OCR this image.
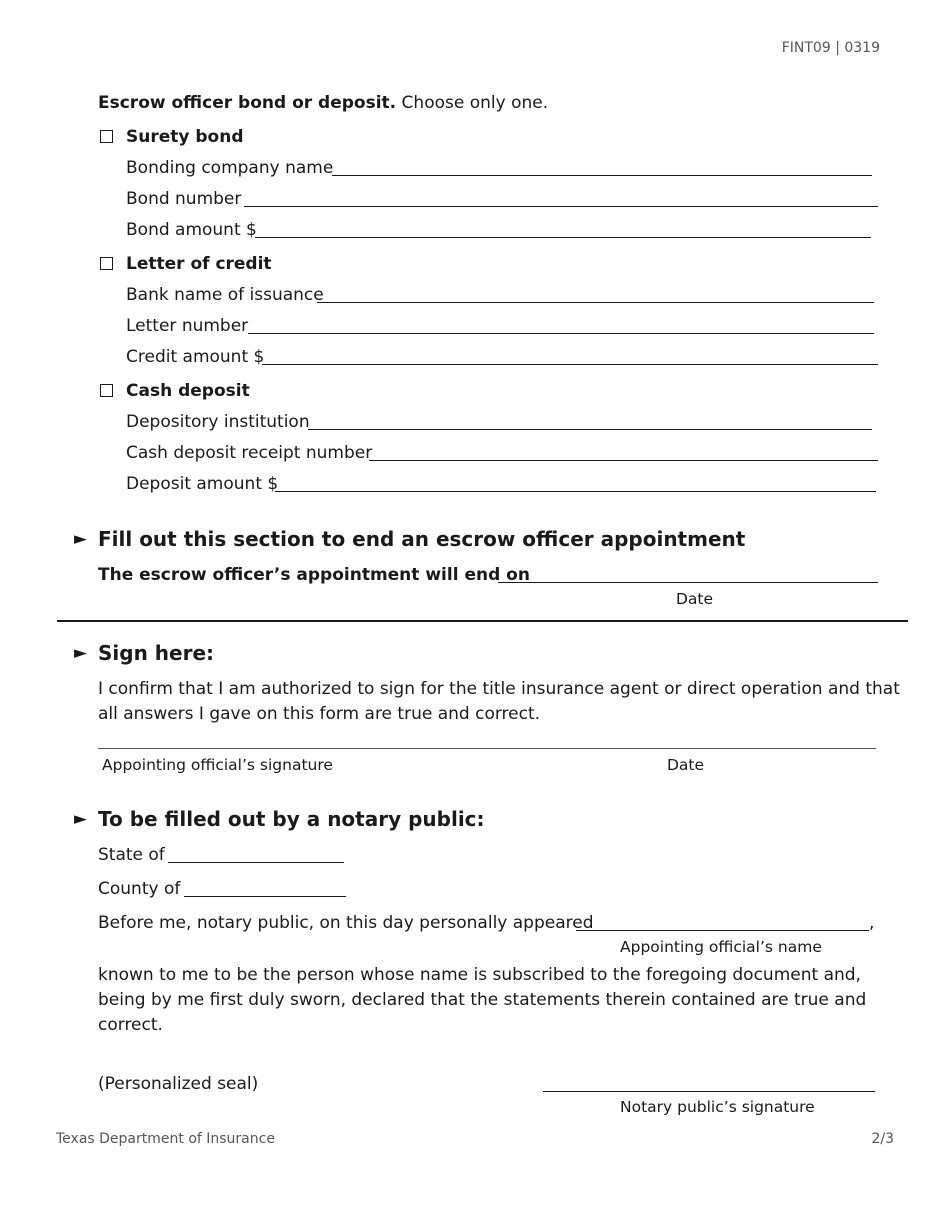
FINT09 | 0319
Escrow officer bond or deposit. Choose only one.
Surety bond
Bonding company name
Bond number
Bond amount $
Letter of credit
Bank name of issuance
Letter number
Credit amount $
Cash deposit
Depository institution
Cash deposit receipt number
Deposit amount $
► Fill out this section to end an escrow officer appointment
The escrow officer’s appointment will end on
Date
► Sign here:
I confirm that I am authorized to sign for the title insurance agent or direct operation and that
all answers I gave on this form are true and correct.
Appointing official’s signature	Date
► To be filled out by a notary public:
State of
County of
Before me, notary public, on this day personally appeared	,
Appointing official’s name
known to me to be the person whose name is subscribed to the foregoing document and,
being by me first duly sworn, declared that the statements therein contained are true and
correct.
(Personalized seal)
Notary public’s signature
Texas Department of Insurance	2/3
